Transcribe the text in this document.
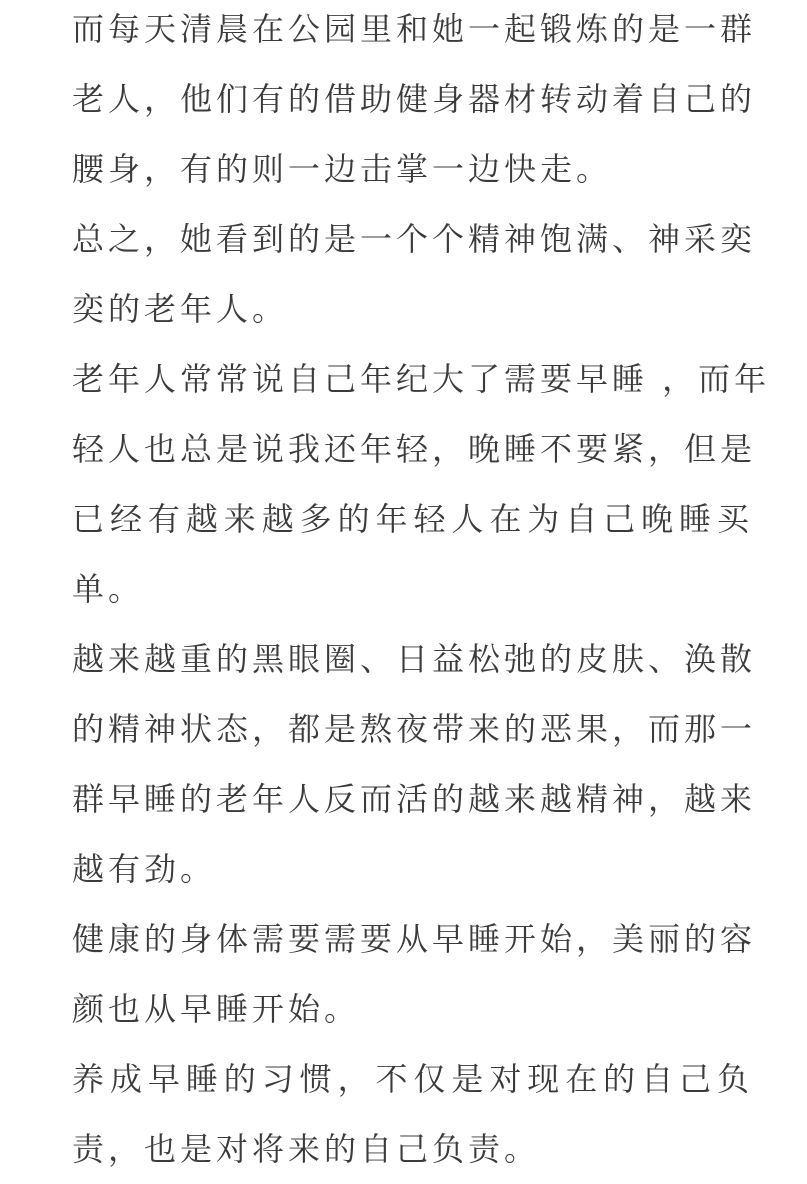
而每天清晨在公园里和她一起锻炼的是一群
老人，他们有的借助健身器材转动着自己的
腰身，有的则一边击掌一边快走。
总之，她看到的是一个个精神饱满、神采奕
奕的老年人。
老年人常常说自己年纪大了需要早睡 ，而年
轻人也总是说我还年轻，晚睡不要紧，但是
已经有越来越多的年轻人在为自己晚睡买
单。
越来越重的黑眼圈、日益松弛的皮肤、涣散
的精神状态，都是熬夜带来的恶果，而那一
群早睡的老年人反而活的越来越精神，越来
越有劲。
健康的身体需要需要从早睡开始，美丽的容
颜也从早睡开始。
养成早睡的习惯，不仅是对现在的自己负
责，也是对将来的自己负责。
